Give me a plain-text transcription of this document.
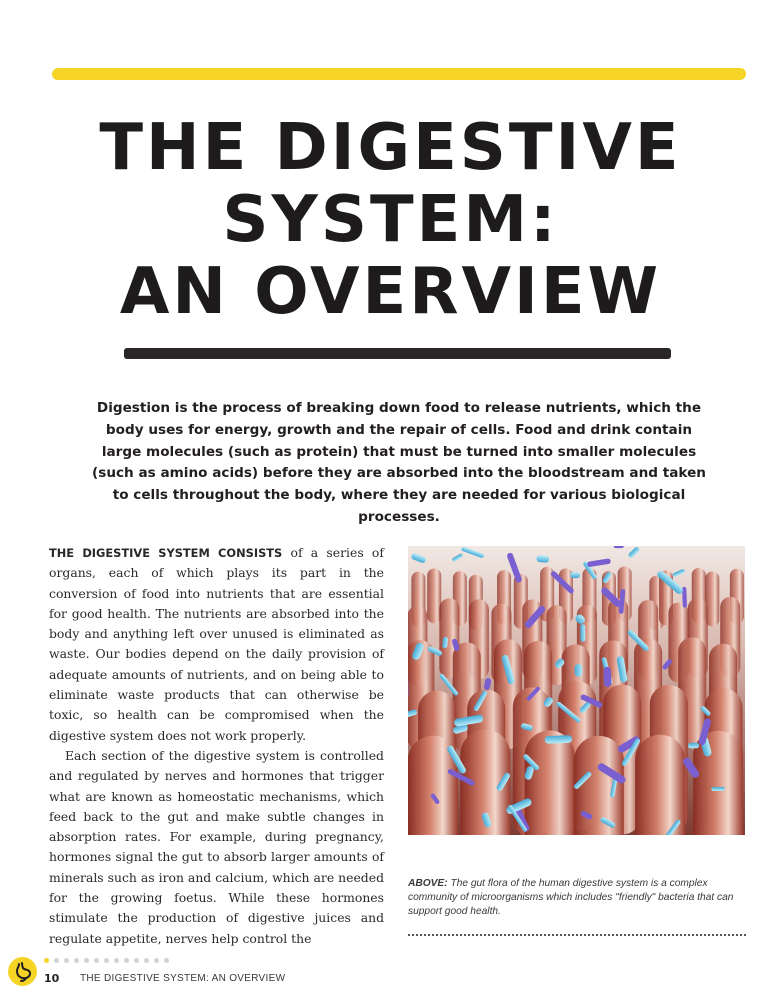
THE DIGESTIVE
SYSTEM:
AN OVERVIEW
Digestion is the process of breaking down food to release nutrients, which the body uses for energy, growth and the repair of cells. Food and drink contain large molecules (such as protein) that must be turned into smaller molecules (such as amino acids) before they are absorbed into the bloodstream and taken to cells throughout the body, where they are needed for various biological processes.

THE DIGESTIVE SYSTEM CONSISTS of a series of organs, each of which plays its part in the conversion of food into nutrients that are essential for good health. The nutrients are absorbed into the body and anything left over unused is eliminated as waste. Our bodies depend on the daily provision of adequate amounts of nutrients, and on being able to eliminate waste products that can otherwise be toxic, so health can be compromised when the digestive system does not work properly.

Each section of the digestive system is controlled and regulated by nerves and hormones that trigger what are known as homeostatic mechanisms, which feed back to the gut and make subtle changes in absorption rates. For example, during pregnancy, hormones signal the gut to absorb larger amounts of minerals such as iron and calcium, which are needed for the growing foetus. While these hormones stimulate the production of digestive juices and regulate appetite, nerves help control the

ABOVE: The gut flora of the human digestive system is a complex community of microorganisms which includes "friendly" bacteria that can support good health.
10 THE DIGESTIVE SYSTEM: AN OVERVIEW
